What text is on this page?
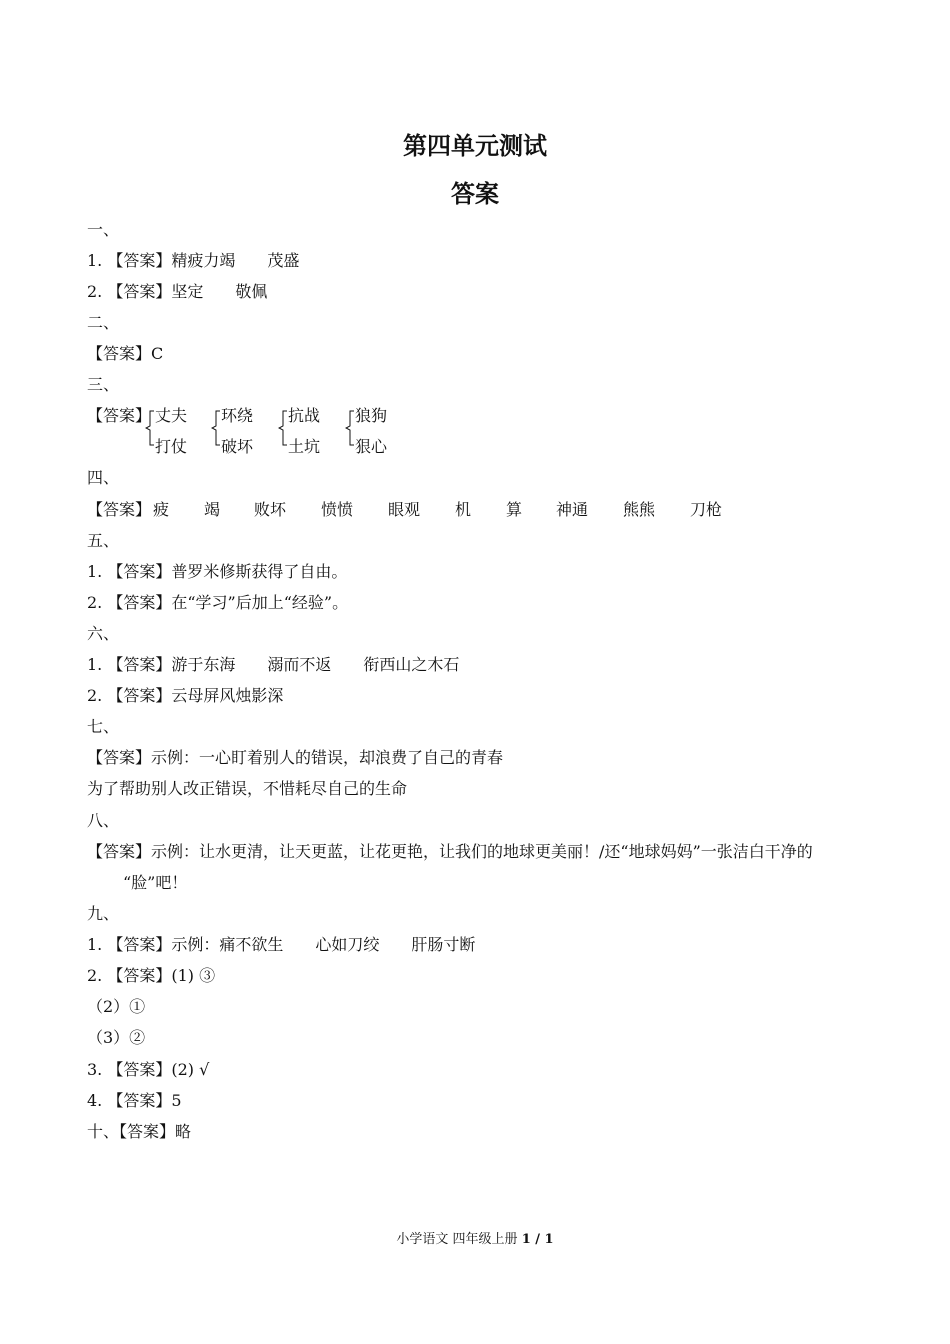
第四单元测试
答案
一、
1. 【答案】精疲力竭 茂盛
2. 【答案】坚定 敬佩
二、
【答案】C
三、
【答案】 丈夫
打仗
环绕
破坏
抗战
土坑
狼狗
狠心
四、
【答案】 疲 竭 败坏 愤愤 眼观 机 算 神通 熊熊 刀枪
五、
1. 【答案】普罗米修斯获得了自由。
2. 【答案】在“学习”后加上“经验”。
六、
1. 【答案】游于东海 溺而不返 衔西山之木石
2. 【答案】云母屏风烛影深
七、
【答案】示例：一心盯着别人的错误，却浪费了自己的青春
为了帮助别人改正错误，不惜耗尽自己的生命
八、
【答案】示例：让水更清，让天更蓝，让花更艳，让我们的地球更美丽！/还“地球妈妈”一张洁白干净的
“脸”吧！
九、
1. 【答案】示例：痛不欲生 心如刀绞 肝肠寸断
2. 【答案】(1) ③
（2）①
（3）②
3. 【答案】(2) √
4. 【答案】5
十、【答案】略
小学语文 四年级上册 1 / 1
